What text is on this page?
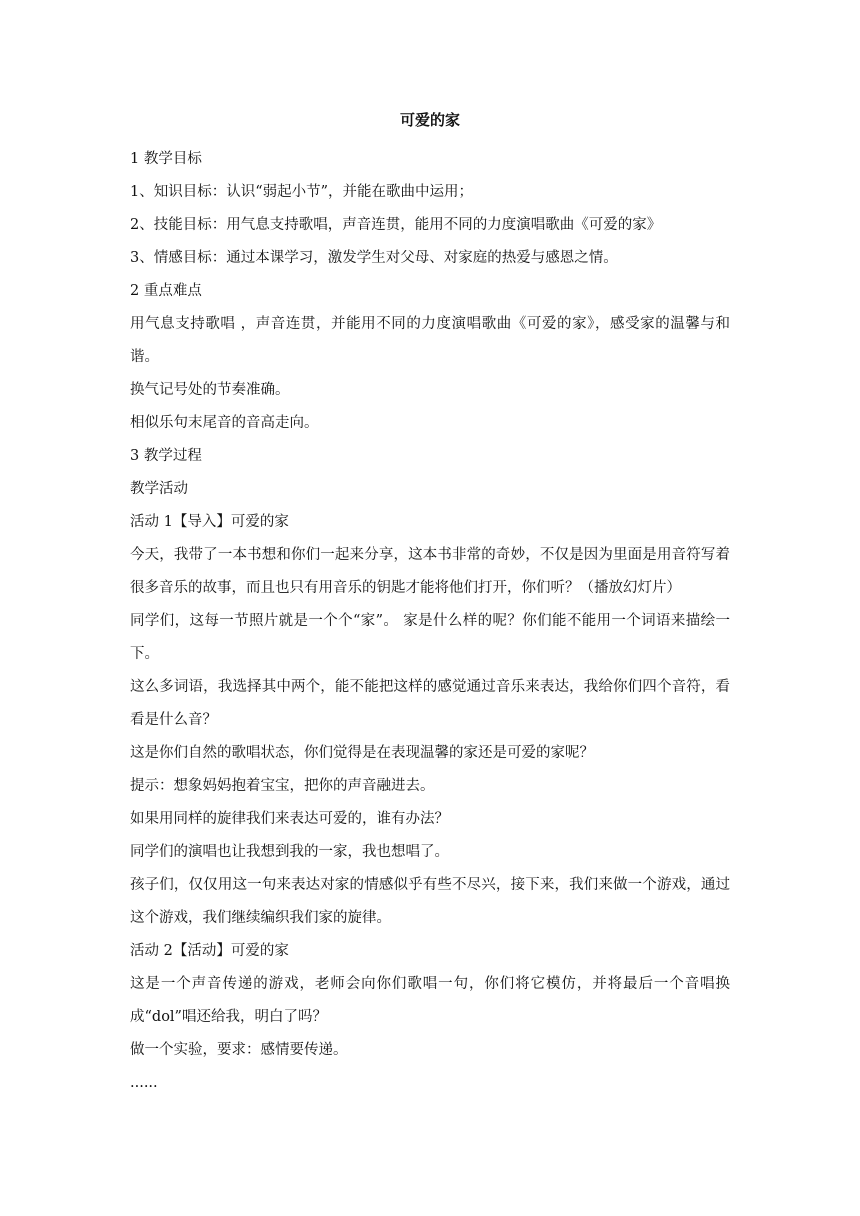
可爱的家

1 教学目标

1、知识目标：认识“弱起小节”，并能在歌曲中运用；

2、技能目标：用气息支持歌唱，声音连贯，能用不同的力度演唱歌曲《可爱的家》

3、情感目标：通过本课学习，激发学生对父母、对家庭的热爱与感恩之情。

2 重点难点

用气息支持歌唱 ，声音连贯，并能用不同的力度演唱歌曲《可爱的家》，感受家的温馨与和谐。

换气记号处的节奏准确。

相似乐句末尾音的音高走向。

3 教学过程

教学活动

活动 1【导入】可爱的家

今天，我带了一本书想和你们一起来分享，这本书非常的奇妙，不仅是因为里面是用音符写着很多音乐的故事，而且也只有用音乐的钥匙才能将他们打开，你们听？（播放幻灯片）

同学们，这每一节照片就是一个个“家”。 家是什么样的呢？你们能不能用一个词语来描绘一下。

这么多词语，我选择其中两个，能不能把这样的感觉通过音乐来表达，我给你们四个音符，看看是什么音？

这是你们自然的歌唱状态，你们觉得是在表现温馨的家还是可爱的家呢？

提示：想象妈妈抱着宝宝，把你的声音融进去。

如果用同样的旋律我们来表达可爱的，谁有办法？

同学们的演唱也让我想到我的一家，我也想唱了。

孩子们，仅仅用这一句来表达对家的情感似乎有些不尽兴，接下来，我们来做一个游戏，通过这个游戏，我们继续编织我们家的旋律。

活动 2【活动】可爱的家

这是一个声音传递的游戏，老师会向你们歌唱一句，你们将它模仿，并将最后一个音唱换成“dol”唱还给我，明白了吗？

做一个实验，要求：感情要传递。

......
